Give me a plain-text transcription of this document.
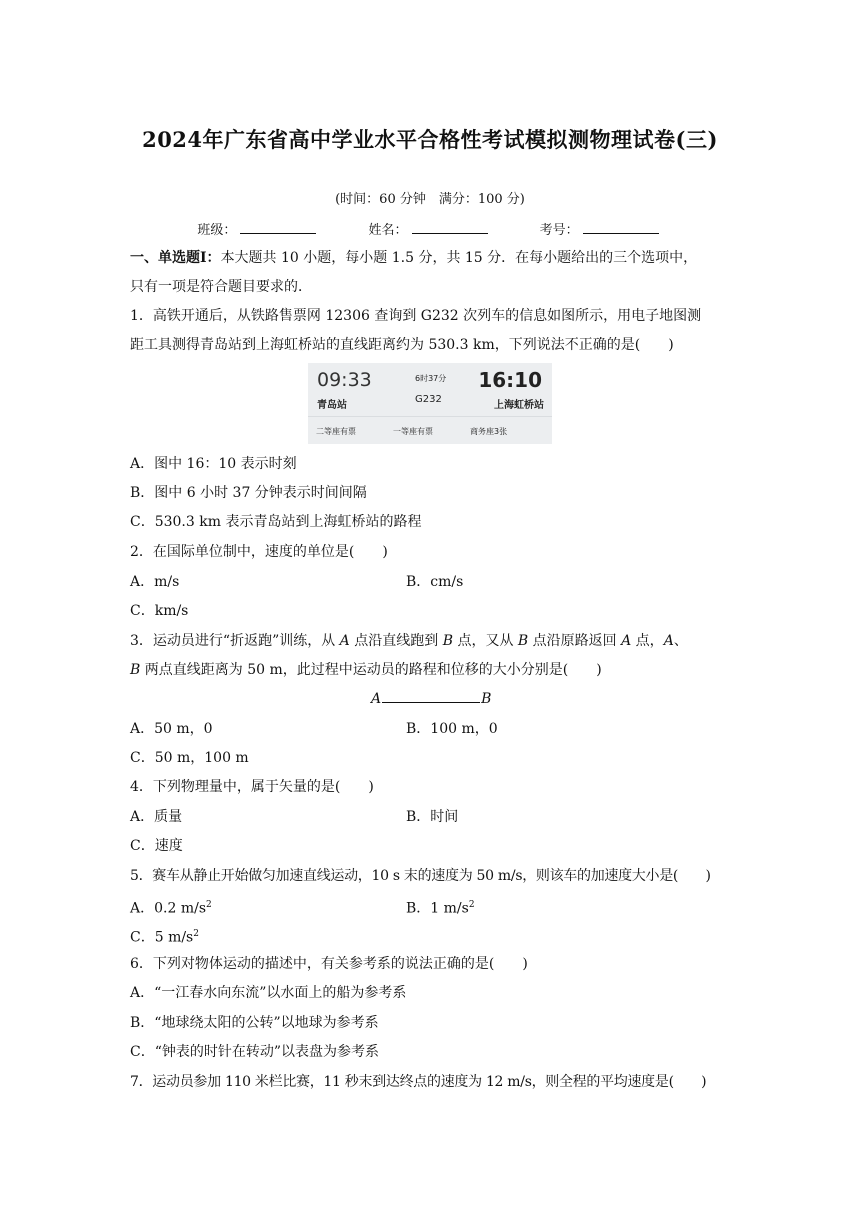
2024年广东省高中学业水平合格性考试模拟测物理试卷(三)
(时间：60 分钟　满分：100 分)
班级：	姓名：	考号：
一、单选题Ⅰ：本大题共 10 小题，每小题 1.5 分，共 15 分．在每小题给出的三个选项中，
只有一项是符合题目要求的．
1．高铁开通后，从铁路售票网 12306 查询到 G232 次列车的信息如图所示，用电子地图测
距工具测得青岛站到上海虹桥站的直线距离约为 530.3 km，下列说法不正确的是(　　)
09:33	6时37分 16:10
青岛站
G232
上海虹桥站
二等座有票	一等座有票	商务座3张
A．图中 16：10 表示时刻
B．图中 6 小时 37 分钟表示时间间隔
C．530.3 km 表示青岛站到上海虹桥站的路程
2．在国际单位制中，速度的单位是(　　)
A．m/s	B．cm/s
C．km/s
3．运动员进行“折返跑”训练，从 A 点沿直线跑到 B 点，又从 B 点沿原路返回 A 点，A、
B 两点直线距离为 50 m，此过程中运动员的路程和位移的大小分别是(　　)
A	B
A．50 m，0	B．100 m，0
C．50 m，100 m
4．下列物理量中，属于矢量的是(　　)
A．质量	B．时间
C．速度
5．赛车从静止开始做匀加速直线运动，10 s 末的速度为 50 m/s，则该车的加速度大小是(　　)
A．0.2 $m/s^2$	B．1 $m/s^2$
C．5 $m/s^2$
6．下列对物体运动的描述中，有关参考系的说法正确的是(　　)
A．“一江春水向东流”以水面上的船为参考系
B．“地球绕太阳的公转”以地球为参考系
C．“钟表的时针在转动”以表盘为参考系
7．运动员参加 110 米栏比赛，11 秒末到达终点的速度为 12 m/s，则全程的平均速度是(　　)
